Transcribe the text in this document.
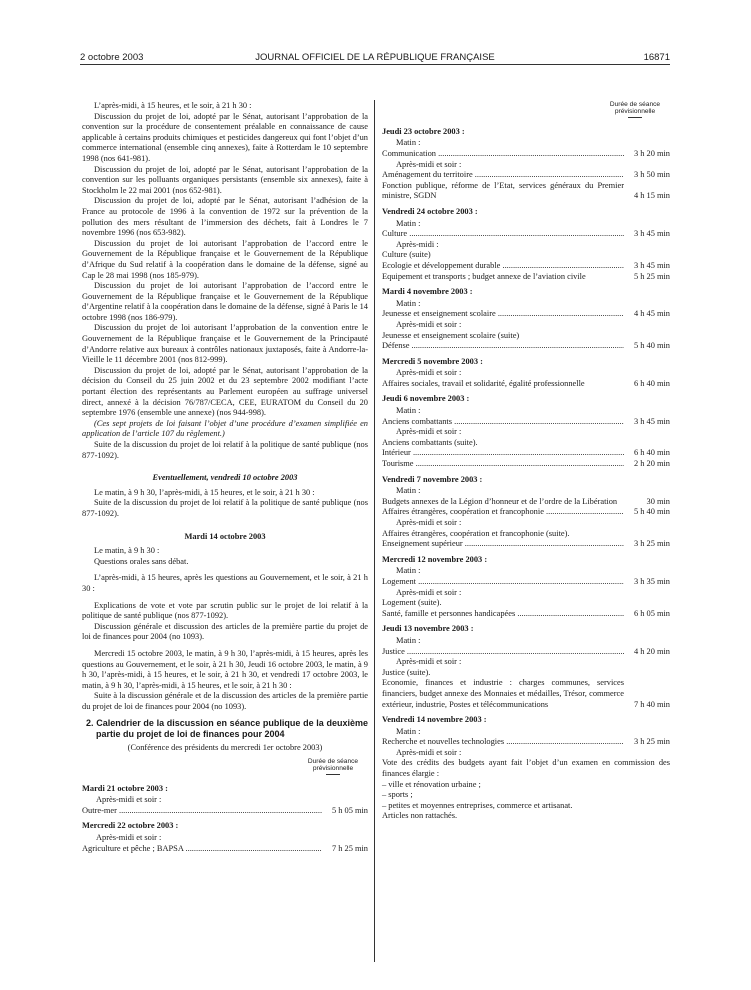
2 octobre 2003	JOURNAL OFFICIEL DE LA RÉPUBLIQUE FRANÇAISE	16871

L’après-midi, à 15 heures, et le soir, à 21 h 30 :

Discussion du projet de loi, adopté par le Sénat, autorisant l’approbation de la convention sur la procédure de consentement préalable en connaissance de cause applicable à certains produits chimiques et pesticides dangereux qui font l’objet d’un commerce international (ensemble cinq annexes), faite à Rotterdam le 10 septembre 1998 (nos 641-981).

Discussion du projet de loi, adopté par le Sénat, autorisant l’approbation de la convention sur les polluants organiques persistants (ensemble six annexes), faite à Stockholm le 22 mai 2001 (nos 652-981).

Discussion du projet de loi, adopté par le Sénat, autorisant l’adhésion de la France au protocole de 1996 à la convention de 1972 sur la prévention de la pollution des mers résultant de l’immersion des déchets, fait à Londres le 7 novembre 1996 (nos 653-982).

Discussion du projet de loi autorisant l’approbation de l’accord entre le Gouvernement de la République française et le Gouvernement de la République d’Afrique du Sud relatif à la coopération dans le domaine de la défense, signé au Cap le 28 mai 1998 (nos 185-979).

Discussion du projet de loi autorisant l’approbation de l’accord entre le Gouvernement de la République française et le Gouvernement de la République d’Argentine relatif à la coopération dans le domaine de la défense, signé à Paris le 14 octobre 1998 (nos 186-979).

Discussion du projet de loi autorisant l’approbation de la convention entre le Gouvernement de la République française et le Gouvernement de la Principauté d’Andorre relative aux bureaux à contrôles nationaux juxtaposés, faite à Andorre-la-Vieille le 11 décembre 2001 (nos 812-999).

Discussion du projet de loi, adopté par le Sénat, autorisant l’approbation de la décision du Conseil du 25 juin 2002 et du 23 septembre 2002 modifiant l’acte portant élection des représentants au Parlement européen au suffrage universel direct, annexé à la décision 76/787/CECA, CEE, EURATOM du Conseil du 20 septembre 1976 (ensemble une annexe) (nos 944-998).

(Ces sept projets de loi faisant l’objet d’une procédure d’examen simplifiée en application de l’article 107 du règlement.)

Suite de la discussion du projet de loi relatif à la politique de santé publique (nos 877-1092).

Eventuellement, vendredi 10 octobre 2003

Le matin, à 9 h 30, l’après-midi, à 15 heures, et le soir, à 21 h 30 :

Suite de la discussion du projet de loi relatif à la politique de santé publique (nos 877-1092).

Mardi 14 octobre 2003

Le matin, à 9 h 30 :

Questions orales sans débat.

L’après-midi, à 15 heures, après les questions au Gouvernement, et le soir, à 21 h 30 :

Explications de vote et vote par scrutin public sur le projet de loi relatif à la politique de santé publique (nos 877-1092).

Discussion générale et discussion des articles de la première partie du projet de loi de finances pour 2004 (no 1093).

Mercredi 15 octobre 2003, le matin, à 9 h 30, l’après-midi, à 15 heures, après les questions au Gouvernement, et le soir, à 21 h 30, Jeudi 16 octobre 2003, le matin, à 9 h 30, l’après-midi, à 15 heures, et le soir, à 21 h 30, et vendredi 17 octobre 2003, le matin, à 9 h 30, l’après-midi, à 15 heures, et le soir, à 21 h 30 :

Suite à la discussion générale et de la discussion des articles de la première partie du projet de loi de finances pour 2004 (no 1093).

2. Calendrier de la discussion en séance publique de la deuxième partie du projet de loi de finances pour 2004

(Conférence des présidents du mercredi 1er octobre 2003)

Durée de séance prévisionnelle

Mardi 21 octobre 2003 :

Après-midi et soir :

Outre-mer .....	5 h 05 min

Mercredi 22 octobre 2003 :

Après-midi et soir :

Agriculture et pêche ; BAPSA .....	7 h 25 min
Durée de séance prévisionnelle

Jeudi 23 octobre 2003 :

Matin :

Communication .....	3 h 20 min

Après-midi et soir :

Aménagement du territoire .....	3 h 50 min
Fonction publique, réforme de l’Etat, services généraux du Premier ministre, SGDN	4 h 15 min

Vendredi 24 octobre 2003 :

Matin :

Culture .....	3 h 45 min

Après-midi :

Culture (suite)

Ecologie et développement durable .....	3 h 45 min
Equipement et transports ; budget annexe de l’aviation civile	5 h 25 min

Mardi 4 novembre 2003 :

Matin :

Jeunesse et enseignement scolaire .....	4 h 45 min

Après-midi et soir :

Jeunesse et enseignement scolaire (suite)

Défense .....	5 h 40 min

Mercredi 5 novembre 2003 :

Après-midi et soir :

Affaires sociales, travail et solidarité, égalité professionnelle	6 h 40 min

Jeudi 6 novembre 2003 :

Matin :

Anciens combattants .....	3 h 45 min

Après-midi et soir :

Anciens combattants (suite).

Intérieur .....	6 h 40 min
Tourisme .....	2 h 20 min

Vendredi 7 novembre 2003 :

Matin :

Budgets annexes de la Légion d’honneur et de l’ordre de la Libération	30 min
Affaires étrangères, coopération et francophonie .....	5 h 40 min

Après-midi et soir :

Affaires étrangères, coopération et francophonie (suite).

Enseignement supérieur .....	3 h 25 min

Mercredi 12 novembre 2003 :

Matin :

Logement .....	3 h 35 min

Après-midi et soir :

Logement (suite).

Santé, famille et personnes handicapées .....	6 h 05 min

Jeudi 13 novembre 2003 :

Matin :

Justice .....	4 h 20 min

Après-midi et soir :

Justice (suite).

Economie, finances et industrie : charges communes, services financiers, budget annexe des Monnaies et médailles, Trésor, commerce extérieur, industrie, Postes et télécommunications	7 h 40 min

Vendredi 14 novembre 2003 :

Matin :

Recherche et nouvelles technologies .....	3 h 25 min

Après-midi et soir :

Vote des crédits des budgets ayant fait l’objet d’un examen en commission des finances élargie :

– ville et rénovation urbaine ;

– sports ;

– petites et moyennes entreprises, commerce et artisanat.

Articles non rattachés.
